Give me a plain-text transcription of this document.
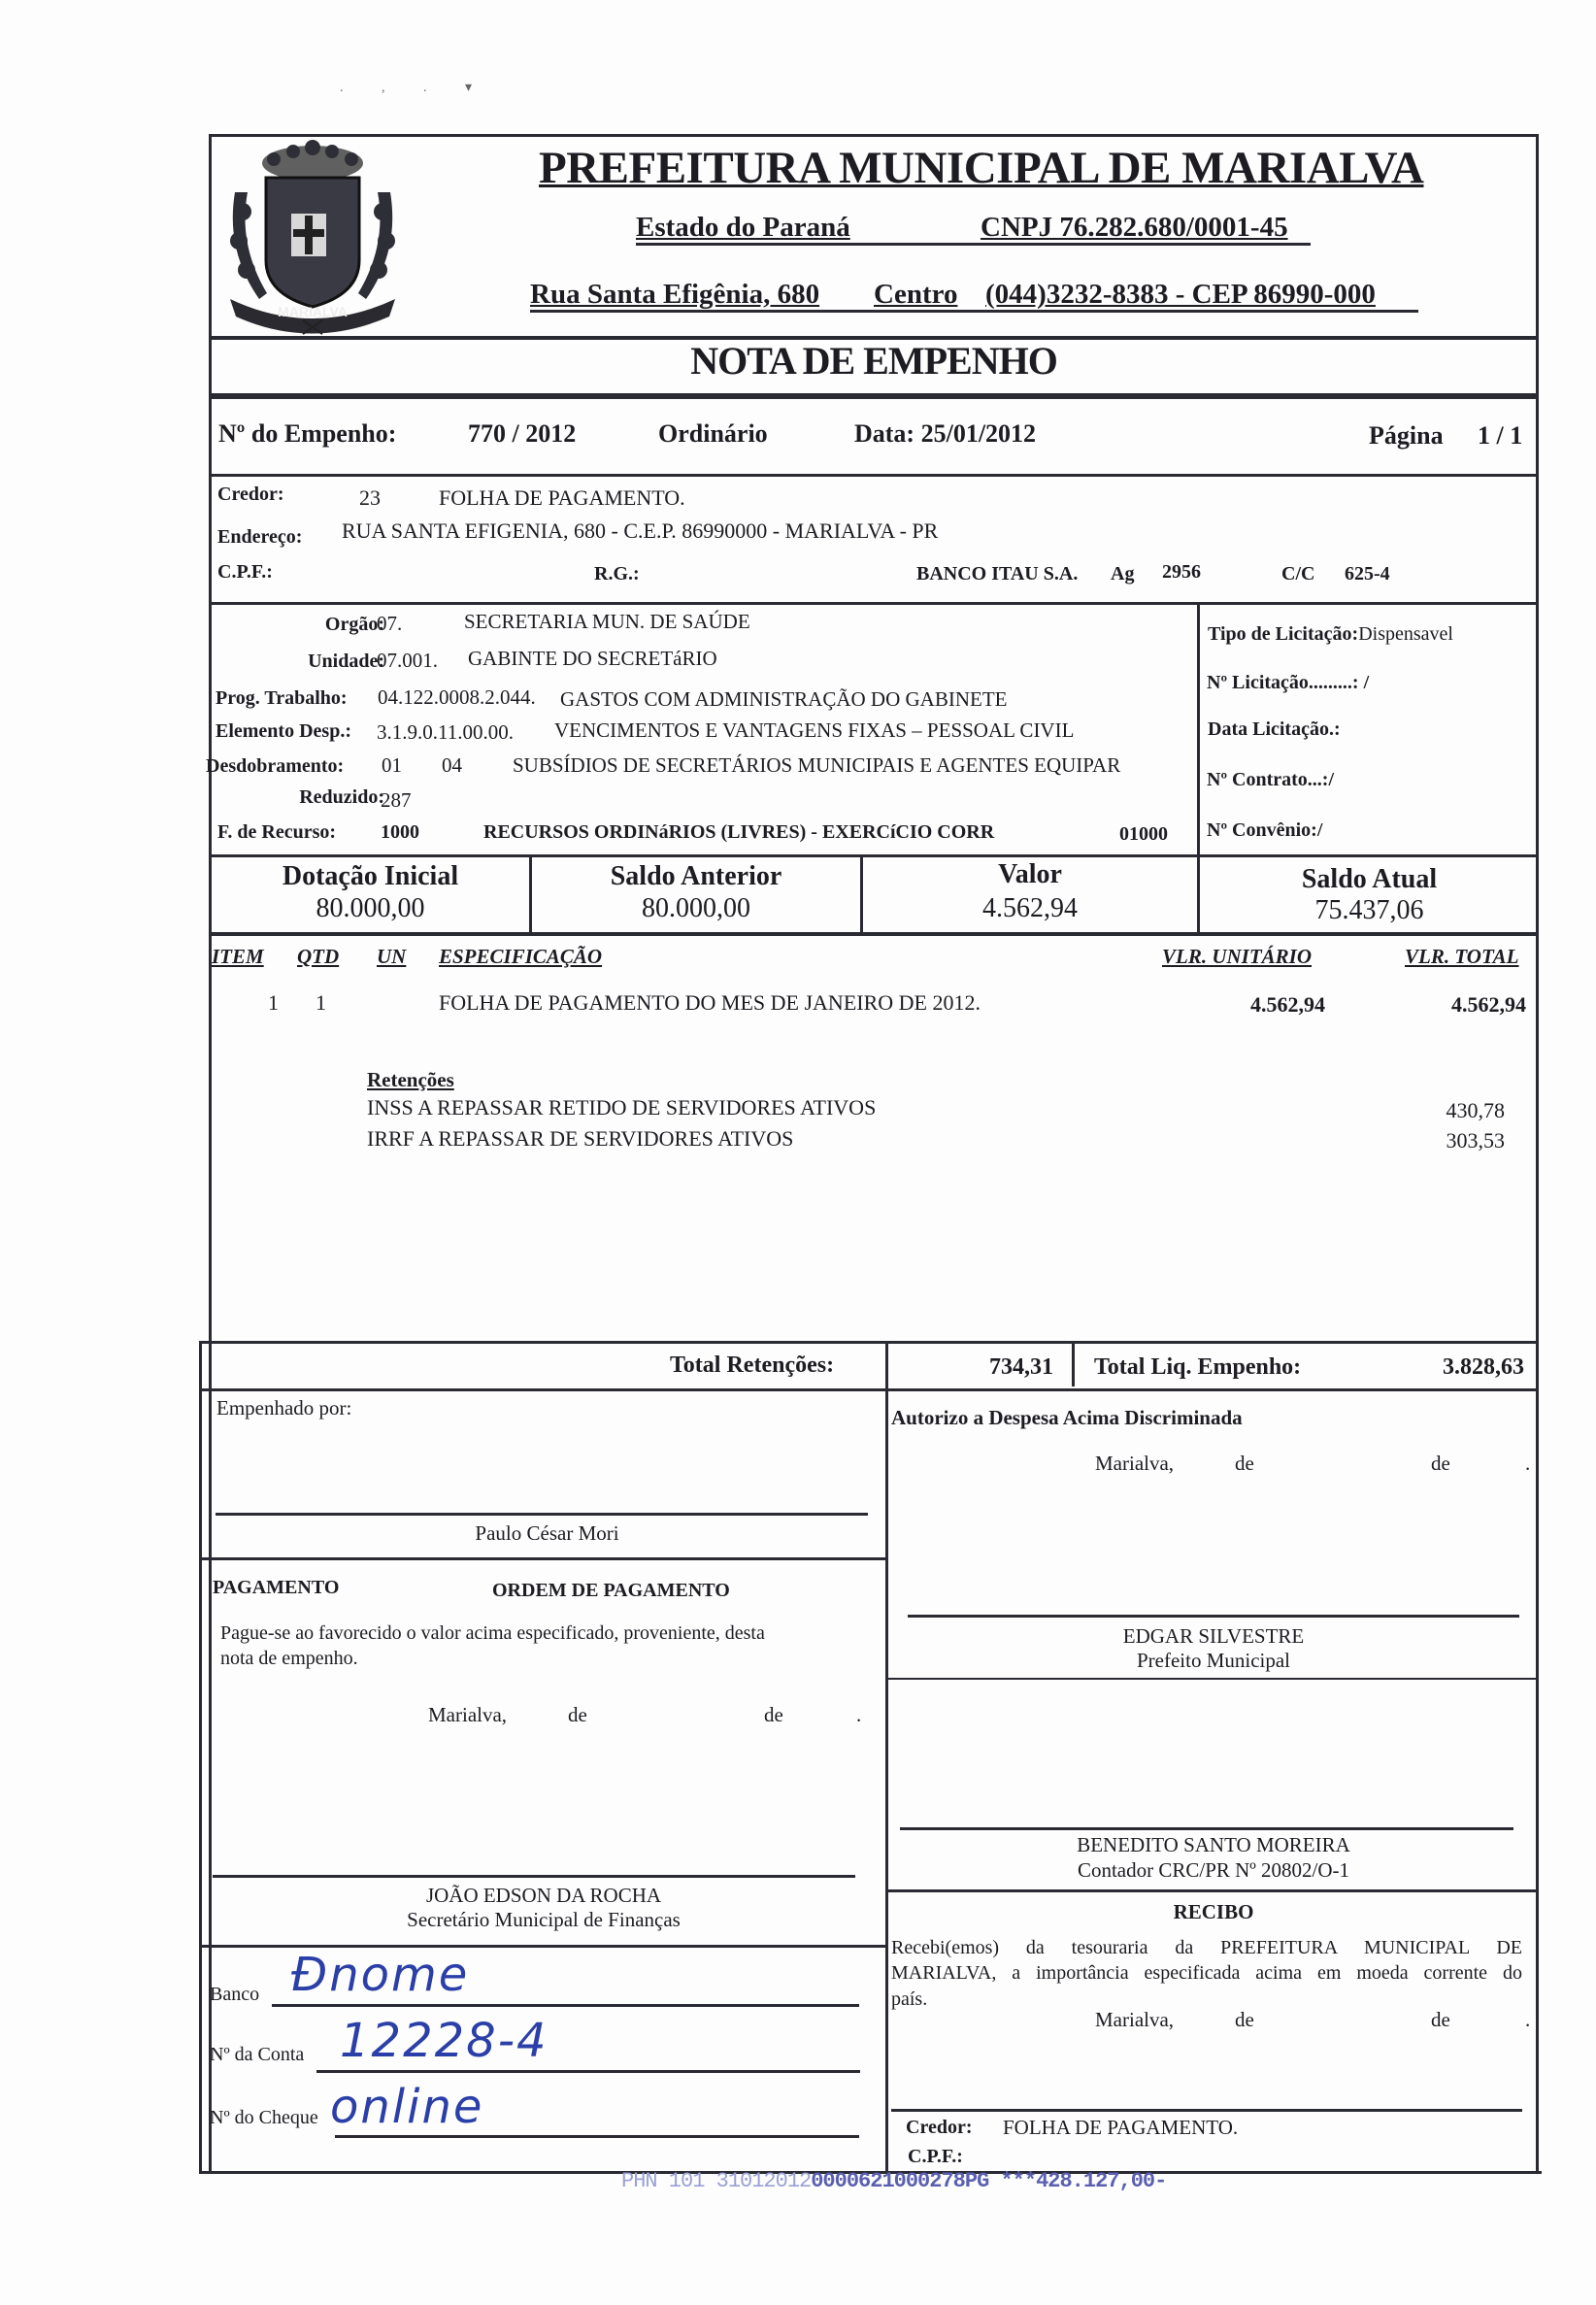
. , . ▾
MARIALVA
PREFEITURA MUNICIPAL DE MARIALVA
Estado do Paraná	CNPJ 76.282.680/0001-45
Rua Santa Efigênia, 680 Centro (044)3232-8383 - CEP 86990-000
NOTA DE EMPENHO
Nº do Empenho:	770 / 2012	Ordinário	Data: 25/01/2012	Página 1 / 1
Credor:	23	FOLHA DE PAGAMENTO.
Endereço: RUA SANTA EFIGENIA, 680 - C.E.P. 86990000 - MARIALVA - PR
C.P.F.:	R.G.:	BANCO ITAU S.A. Ag 2956	C/C 625-4
Orgão:
07.	SECRETARIA MUN. DE SAÚDE
Unidade:
07.001. GABINTE DO SECRETáRIO
Prog. Trabalho: 04.122.0008.2.044. GASTOS COM ADMINISTRAÇÃO DO GABINETE
Elemento Desp.: 3.1.9.0.11.00.00. VENCIMENTOS E VANTAGENS FIXAS – PESSOAL CIVIL
Desdobramento: 01 04 SUBSÍDIOS DE SECRETÁRIOS MUNICIPAIS E AGENTES EQUIPAR
Reduzido:
287
F. de Recurso: 1000	RECURSOS ORDINáRIOS (LIVRES) - EXERCíCIO CORR	01000
Tipo de Licitação:Dispensavel
Nº Licitação.........: /
Data Licitação.:
Nº Contrato...:/
Nº Convênio:/
Dotação Inicial
80.000,00
Saldo Anterior
80.000,00
Valor
4.562,94
Saldo Atual
75.437,06
ITEM QTD UN ESPECIFICAÇÃO	VLR. UNITÁRIO	VLR. TOTAL
1 1	FOLHA DE PAGAMENTO DO MES DE JANEIRO DE 2012.	4.562,94	4.562,94
Retenções
INSS A REPASSAR RETIDO DE SERVIDORES ATIVOS	430,78
IRRF A REPASSAR DE SERVIDORES ATIVOS	303,53
Total Retenções:	734,31 Total Liq. Empenho:	3.828,63
Empenhado por:
Paulo César Mori
Autorizo a Despesa Acima Discriminada
Marialva,	de	de	.
EDGAR SILVESTRE
Prefeito Municipal
BENEDITO SANTO MOREIRA
Contador CRC/PR Nº 20802/O-1
PAGAMENTO	ORDEM DE PAGAMENTO
Pague-se ao favorecido o valor acima especificado, proveniente, desta
nota de empenho.
Marialva,	de	de	.
JOÃO EDSON DA ROCHA
Secretário Municipal de Finanças
Banco Ðnome
Nº da Conta 12228-4
Nº do Cheque online
RECIBO
Recebi(emos) da tesouraria da PREFEITURA MUNICIPAL DE
MARIALVA, a importância especificada acima em moeda corrente do
país.
Marialva,	de	de	.
Credor: FOLHA DE PAGAMENTO.
C.P.F.:
PHN 101 310120120000621000278PG ***428.127,00-
